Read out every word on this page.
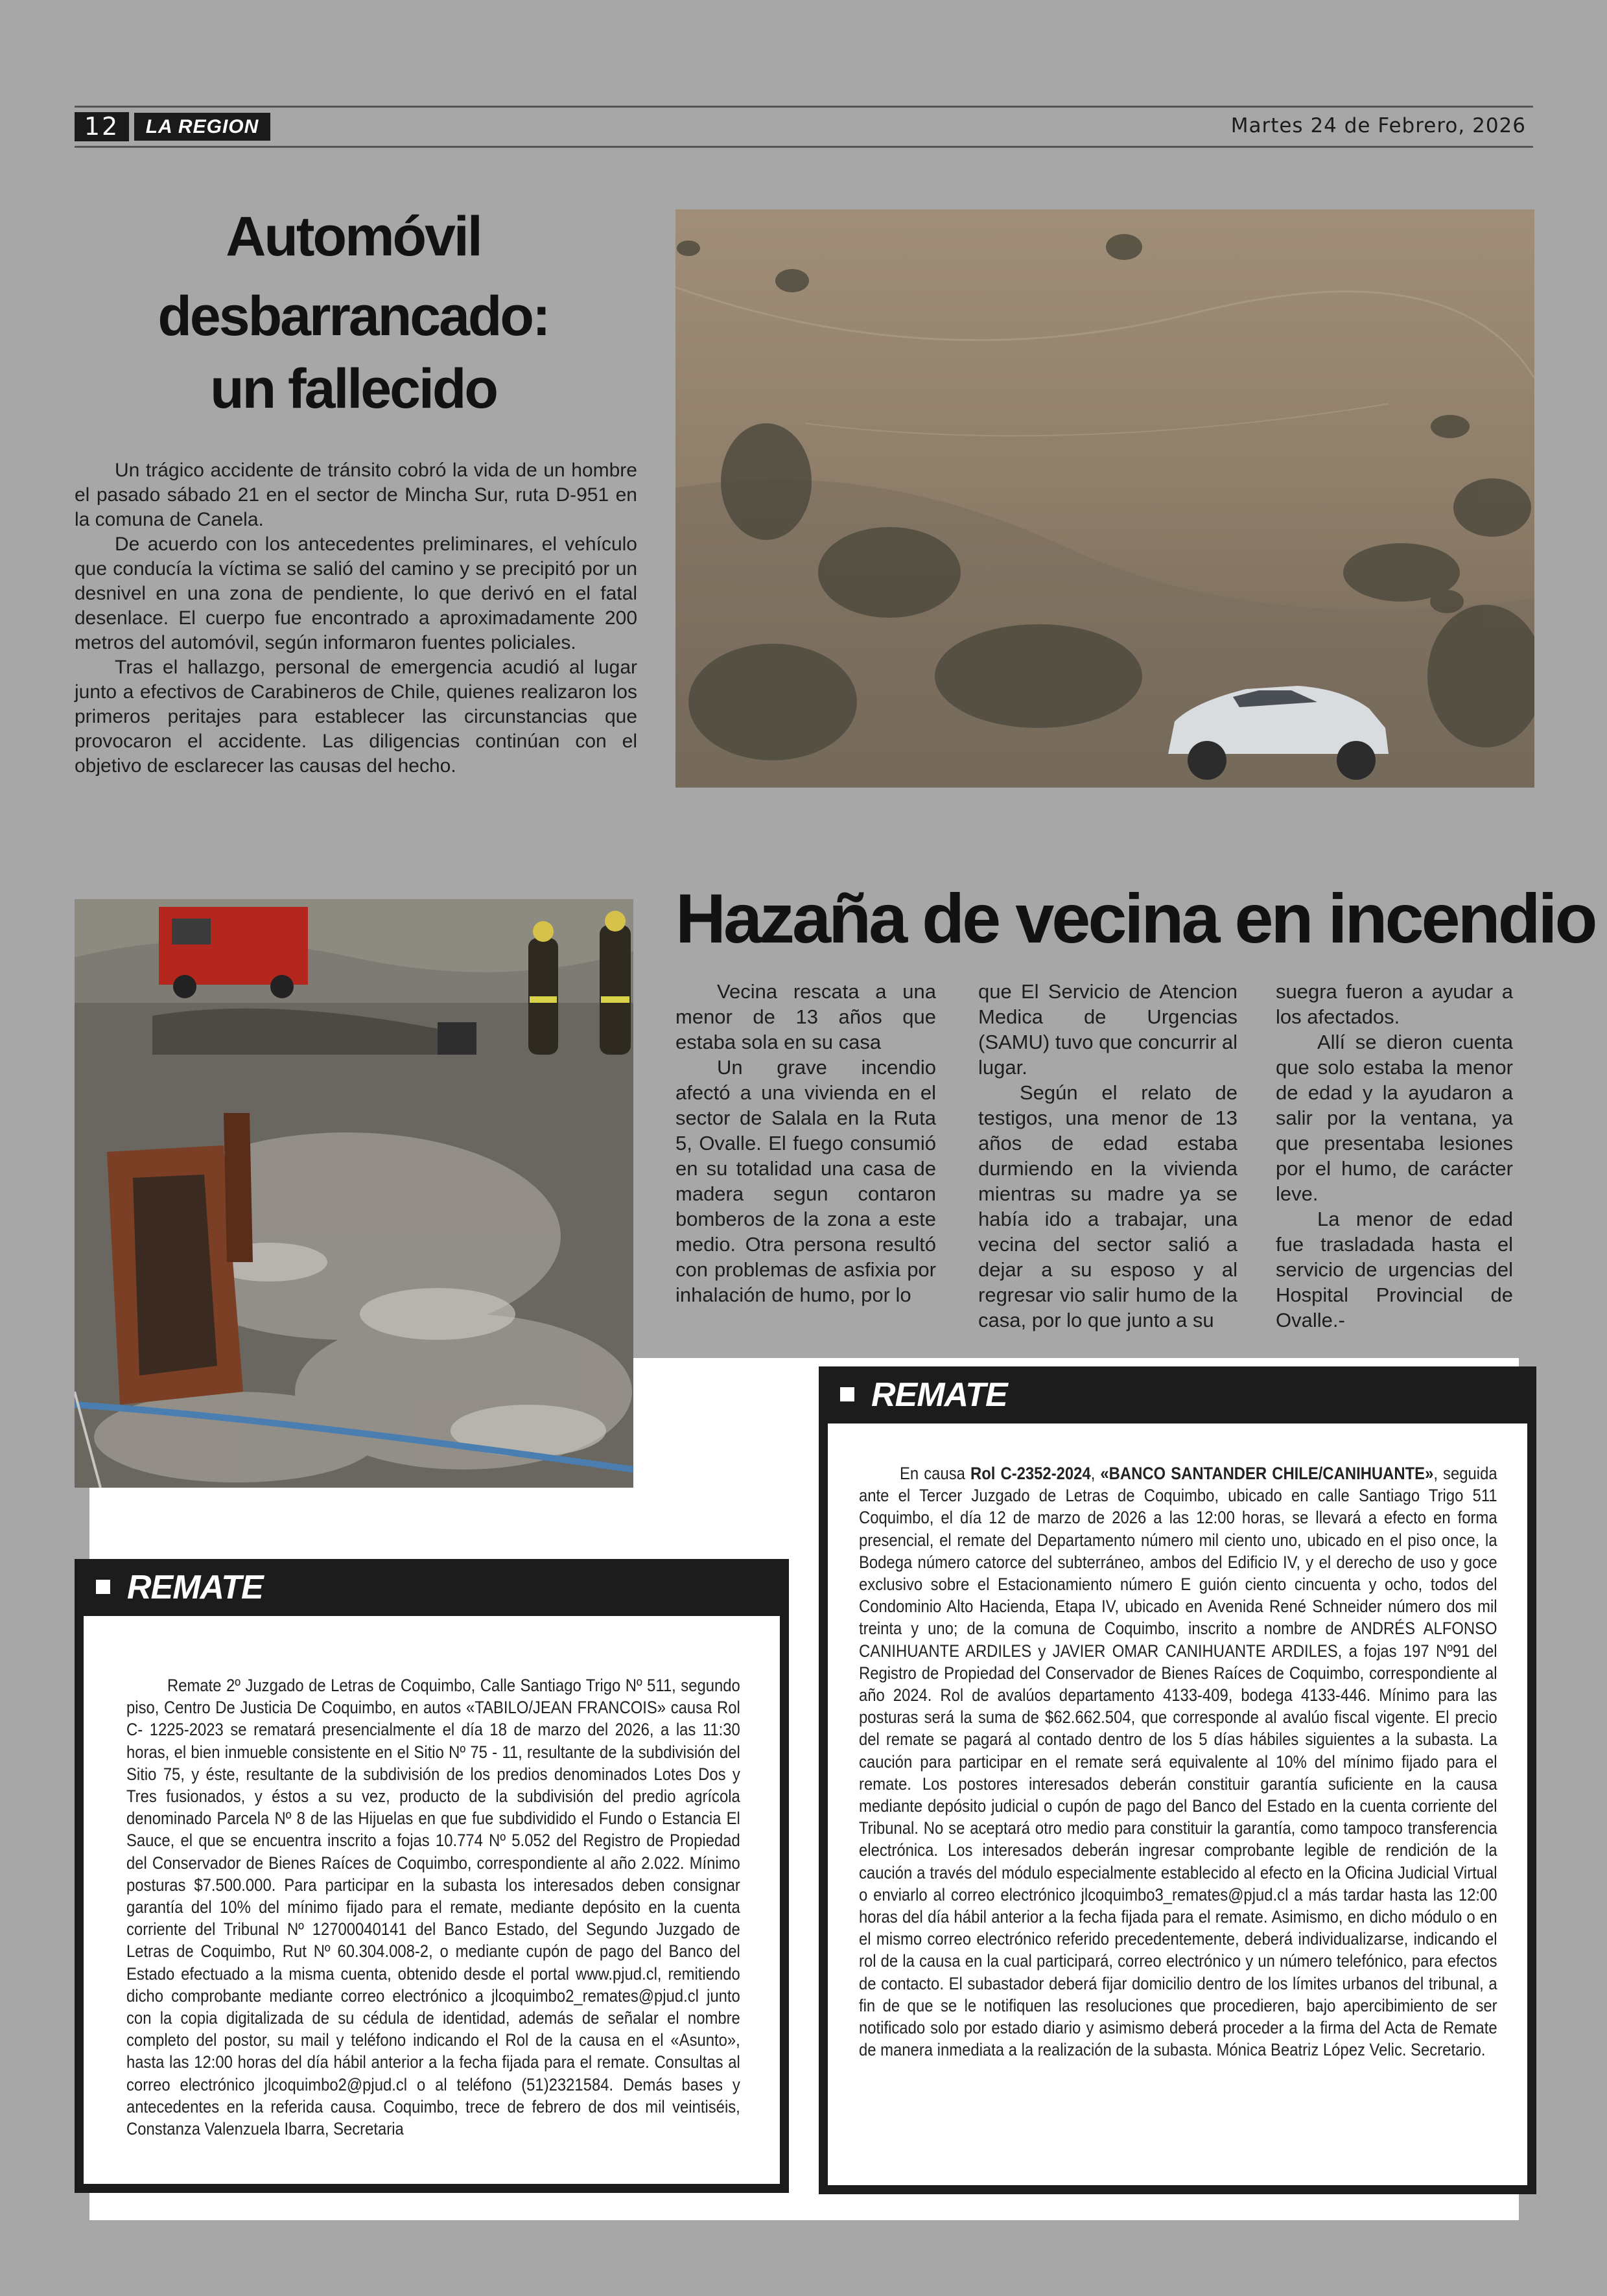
12	LA REGION	Martes 24 de Febrero, 2026
Automóvil
desbarrancado:
un fallecido

Un trágico accidente de tránsito cobró la vida de un hombre el pasado sábado 21 en el sector de Mincha Sur, ruta D-951 en la comuna de Canela.

De acuerdo con los antecedentes preliminares, el vehículo que conducía la víctima se salió del camino y se precipitó por un desnivel en una zona de pendiente, lo que derivó en el fatal desenlace. El cuerpo fue encontrado a aproximadamente 200 metros del automóvil, según informaron fuentes policiales.

Tras el hallazgo, personal de emergencia acudió al lugar junto a efectivos de Carabineros de Chile, quienes realizaron los primeros peritajes para establecer las circunstancias que provocaron el accidente. Las diligencias continúan con el objetivo de esclarecer las causas del hecho.

Hazaña de vecina en incendio

Vecina rescata a una menor de 13 años que estaba sola en su casa

Un grave incendio afectó a una vivienda en el sector de Salala en la Ruta 5, Ovalle. El fuego consumió en su totalidad una casa de madera segun contaron bomberos de la zona a este medio. Otra persona resultó con problemas de asfixia por inhalación de humo, por lo

que El Servicio de Atencion Medica de Urgencias (SAMU) tuvo que concurrir al lugar.

Según el relato de testigos, una menor de 13 años de edad estaba durmiendo en la vivienda mientras su madre ya se había ido a trabajar, una vecina del sector salió a dejar a su esposo y al regresar vio salir humo de la casa, por lo que junto a su

suegra fueron a ayudar a los afectados.

Allí se dieron cuenta que solo estaba la menor de edad y la ayudaron a salir por la ventana, ya que presentaba lesiones por el humo, de carácter leve.

La menor de edad fue trasladada hasta el servicio de urgencias del Hospital Provincial de Ovalle.-

REMATE

Remate 2º Juzgado de Letras de Coquimbo, Calle Santiago Trigo Nº 511, segundo piso, Centro De Justicia De Coquimbo, en autos «TABILO/JEAN FRANCOIS» causa Rol C- 1225-2023 se rematará presencialmente el día 18 de marzo del 2026, a las 11:30 horas, el bien inmueble consistente en el Sitio Nº 75 - 11, resultante de la subdivisión del Sitio 75, y éste, resultante de la subdivisión de los predios denominados Lotes Dos y Tres fusionados, y éstos a su vez, producto de la subdivisión del predio agrícola denominado Parcela Nº 8 de las Hijuelas en que fue subdividido el Fundo o Estancia El Sauce, el que se encuentra inscrito a fojas 10.774 Nº 5.052 del Registro de Propiedad del Conservador de Bienes Raíces de Coquimbo, correspondiente al año 2.022. Mínimo posturas $7.500.000. Para participar en la subasta los interesados deben consignar garantía del 10% del mínimo fijado para el remate, mediante depósito en la cuenta corriente del Tribunal Nº 12700040141 del Banco Estado, del Segundo Juzgado de Letras de Coquimbo, Rut Nº 60.304.008-2, o mediante cupón de pago del Banco del Estado efectuado a la misma cuenta, obtenido desde el portal www.pjud.cl, remitiendo dicho comprobante mediante correo electrónico a jlcoquimbo2_remates@pjud.cl junto con la copia digitalizada de su cédula de identidad, además de señalar el nombre completo del postor, su mail y teléfono indicando el Rol de la causa en el «Asunto», hasta las 12:00 horas del día hábil anterior a la fecha fijada para el remate. Consultas al correo electrónico jlcoquimbo2@pjud.cl o al teléfono (51)2321584. Demás bases y antecedentes en la referida causa. Coquimbo, trece de febrero de dos mil veintiséis, Constanza Valenzuela Ibarra, Secretaria

REMATE

En causa Rol C-2352-2024, «BANCO SANTANDER CHILE/CANIHUANTE», seguida ante el Tercer Juzgado de Letras de Coquimbo, ubicado en calle Santiago Trigo 511 Coquimbo, el día 12 de marzo de 2026 a las 12:00 horas, se llevará a efecto en forma presencial, el remate del Departamento número mil ciento uno, ubicado en el piso once, la Bodega número catorce del subterráneo, ambos del Edificio IV, y el derecho de uso y goce exclusivo sobre el Estacionamiento número E guión ciento cincuenta y ocho, todos del Condominio Alto Hacienda, Etapa IV, ubicado en Avenida René Schneider número dos mil treinta y uno; de la comuna de Coquimbo, inscrito a nombre de ANDRÉS ALFONSO CANIHUANTE ARDILES y JAVIER OMAR CANIHUANTE ARDILES, a fojas 197 Nº91 del Registro de Propiedad del Conservador de Bienes Raíces de Coquimbo, correspondiente al año 2024. Rol de avalúos departamento 4133-409, bodega 4133-446. Mínimo para las posturas será la suma de $62.662.504, que corresponde al avalúo fiscal vigente. El precio del remate se pagará al contado dentro de los 5 días hábiles siguientes a la subasta. La caución para participar en el remate será equivalente al 10% del mínimo fijado para el remate. Los postores interesados deberán constituir garantía suficiente en la causa mediante depósito judicial o cupón de pago del Banco del Estado en la cuenta corriente del Tribunal. No se aceptará otro medio para constituir la garantía, como tampoco transferencia electrónica. Los interesados deberán ingresar comprobante legible de rendición de la caución a través del módulo especialmente establecido al efecto en la Oficina Judicial Virtual o enviarlo al correo electrónico jlcoquimbo3_remates@pjud.cl a más tardar hasta las 12:00 horas del día hábil anterior a la fecha fijada para el remate. Asimismo, en dicho módulo o en el mismo correo electrónico referido precedentemente, deberá individualizarse, indicando el rol de la causa en la cual participará, correo electrónico y un número telefónico, para efectos de contacto. El subastador deberá fijar domicilio dentro de los límites urbanos del tribunal, a fin de que se le notifiquen las resoluciones que procedieren, bajo apercibimiento de ser notificado solo por estado diario y asimismo deberá proceder a la firma del Acta de Remate de manera inmediata a la realización de la subasta. Mónica Beatriz López Velic. Secretario.
